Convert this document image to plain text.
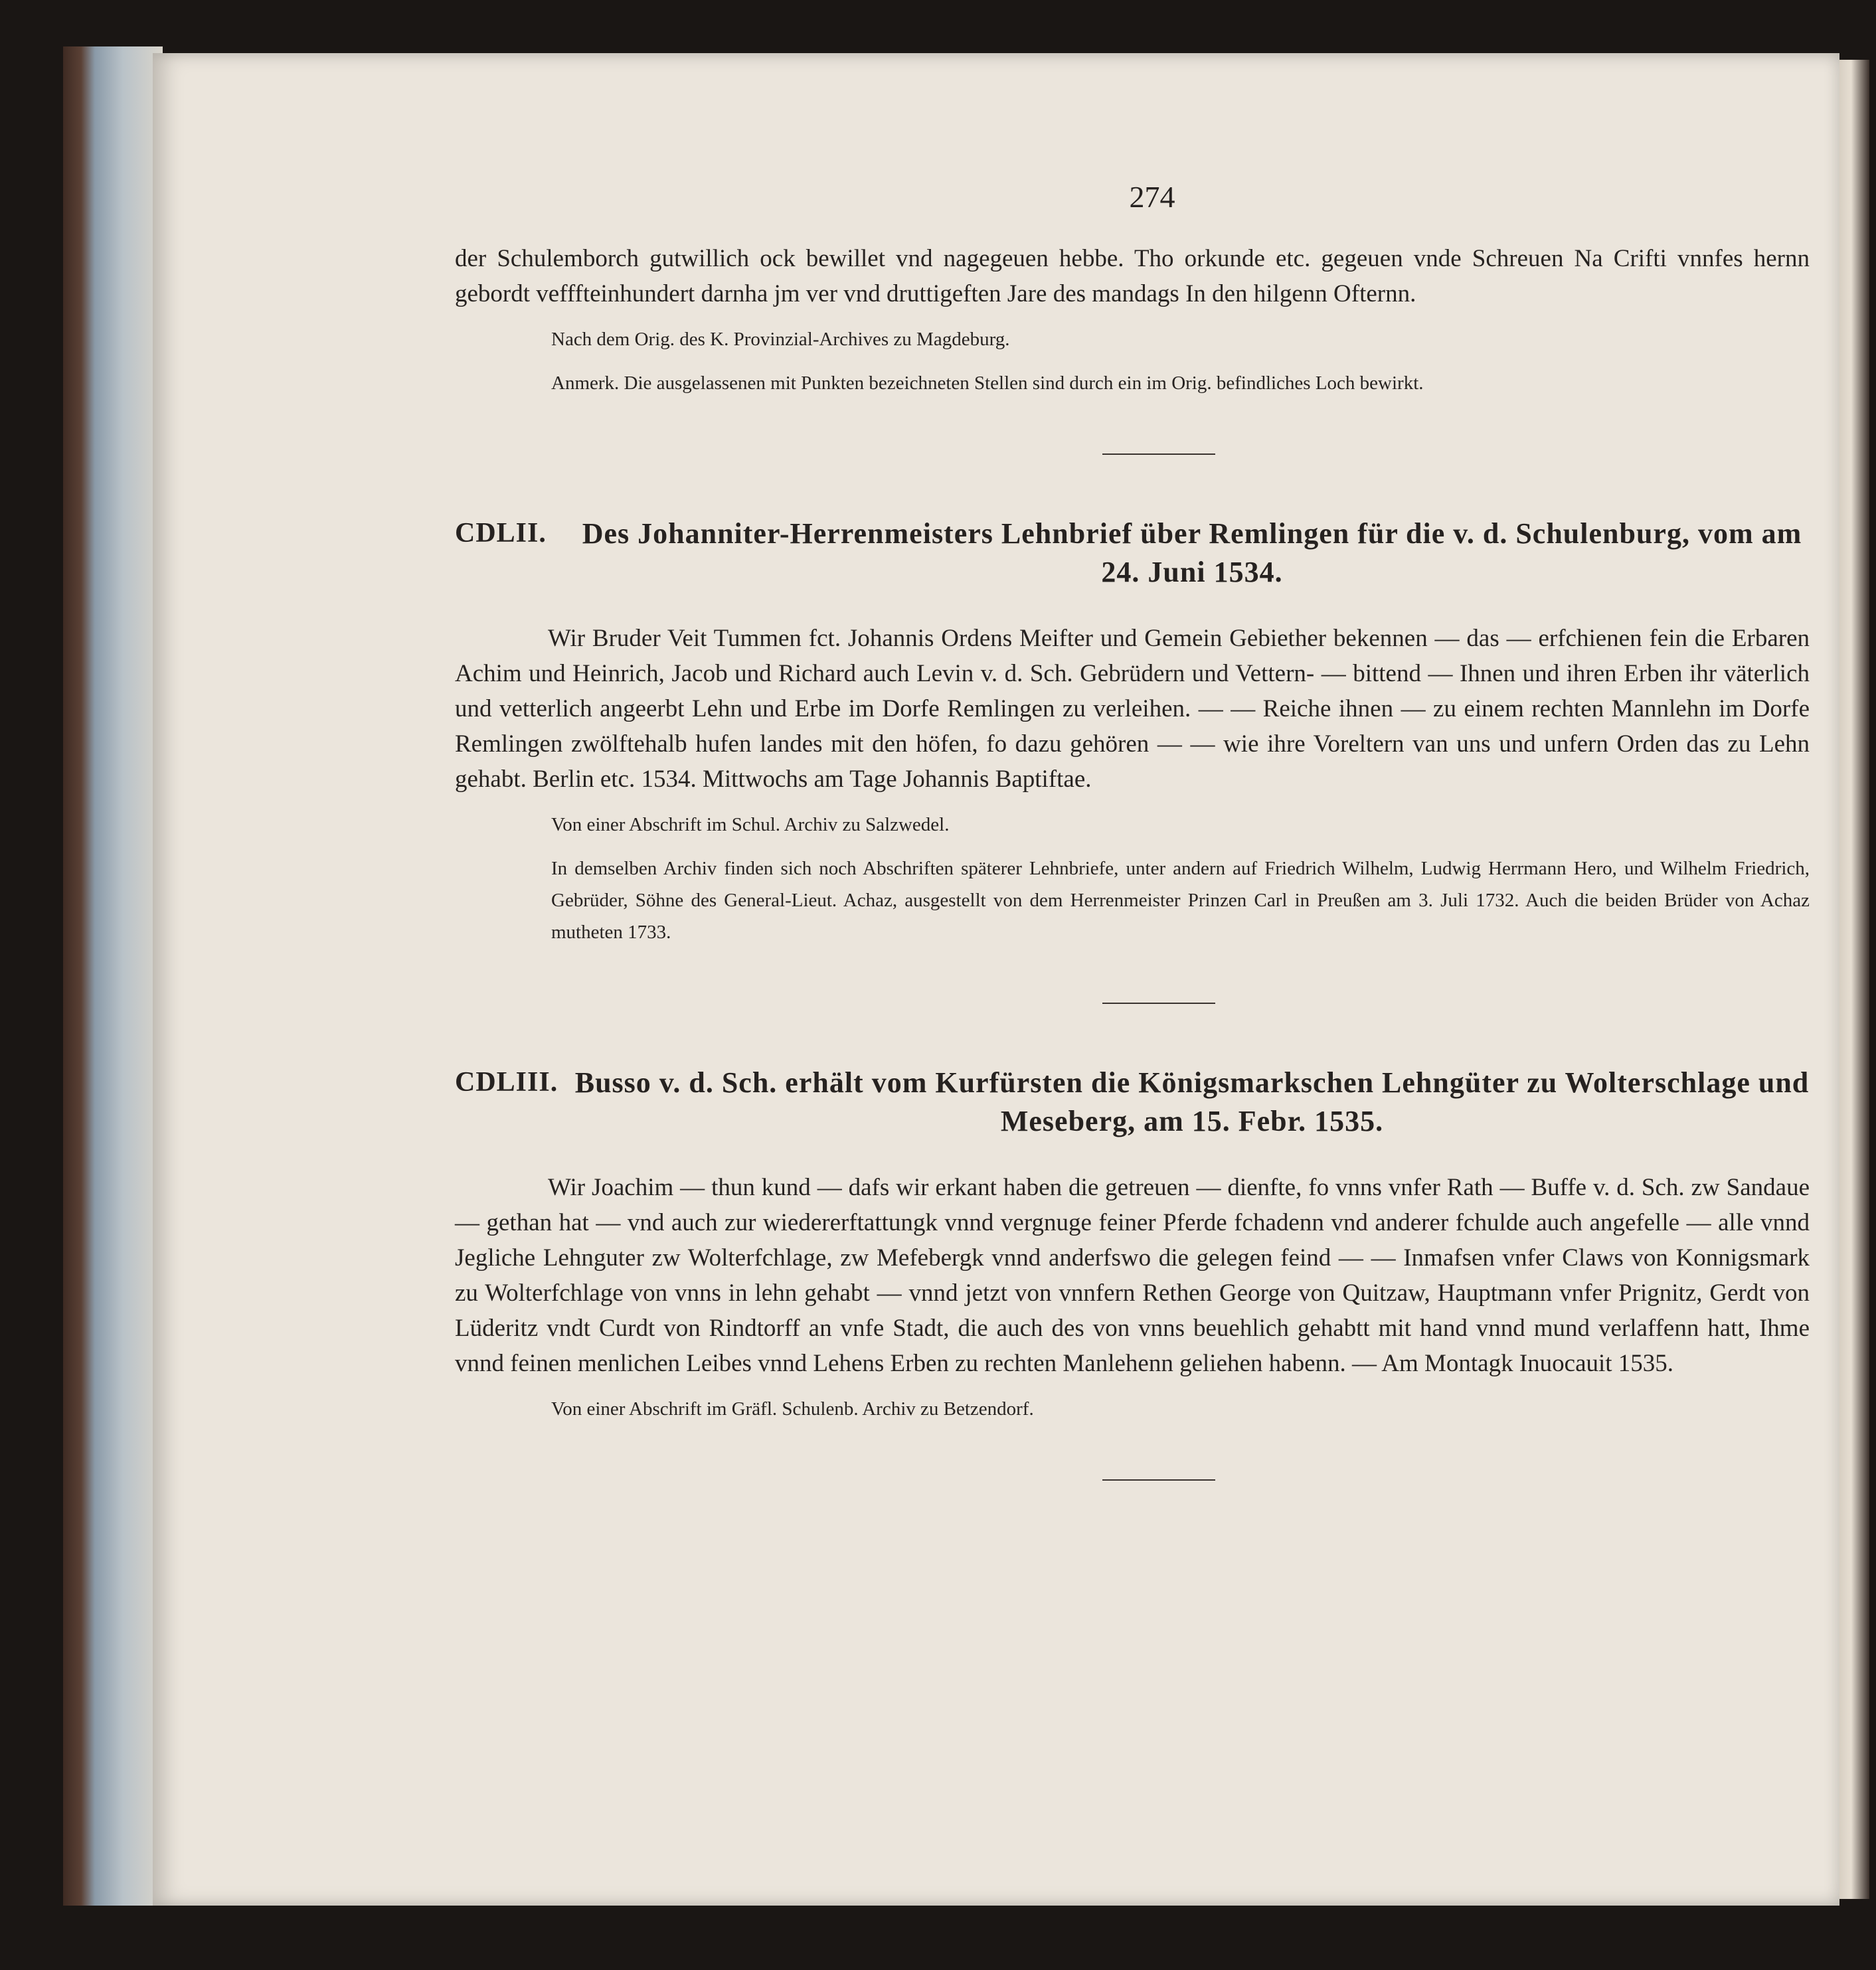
274

der Schulemborch gutwillich ock bewillet vnd nagegeuen hebbe. Tho orkunde etc. gegeuen vnde Schreuen Na Crifti vnnfes hernn gebordt vefffteinhundert darnha jm ver vnd druttigeften Jare des mandags In den hilgenn Ofternn.

Nach dem Orig. des K. Provinzial-Archives zu Magdeburg.

Anmerk. Die ausgelassenen mit Punkten bezeichneten Stellen sind durch ein im Orig. befindliches Loch bewirkt.

CDLII.	Des Johanniter-Herrenmeisters Lehnbrief über Remlingen für die v. d. Schulenburg, vom am 24. Juni 1534.

Wir Bruder Veit Tummen fct. Johannis Ordens Meifter und Gemein Gebiether bekennen — das — erfchienen fein die Erbaren Achim und Heinrich, Jacob und Richard auch Levin v. d. Sch. Gebrüdern und Vettern- — bittend — Ihnen und ihren Erben ihr väterlich und vetterlich angeerbt Lehn und Erbe im Dorfe Remlingen zu verleihen. — — Reiche ihnen — zu einem rechten Mannlehn im Dorfe Remlingen zwölftehalb hufen landes mit den höfen, fo dazu gehören — — wie ihre Voreltern van uns und unfern Orden das zu Lehn gehabt. Berlin etc. 1534. Mittwochs am Tage Johannis Baptiftae.

Von einer Abschrift im Schul. Archiv zu Salzwedel.

In demselben Archiv finden sich noch Abschriften späterer Lehnbriefe, unter andern auf Friedrich Wilhelm, Ludwig Herrmann Hero, und Wilhelm Friedrich, Gebrüder, Söhne des General-Lieut. Achaz, ausgestellt von dem Herrenmeister Prinzen Carl in Preußen am 3. Juli 1732. Auch die beiden Brüder von Achaz mutheten 1733.

CDLIII. Busso v. d. Sch. erhält vom Kurfürsten die Königsmarkschen Lehngüter zu Wolterschlage und Meseberg, am 15. Febr. 1535.

Wir Joachim — thun kund — dafs wir erkant haben die getreuen — dienfte, fo vnns vnfer Rath — Buffe v. d. Sch. zw Sandaue — gethan hat — vnd auch zur wiedererftattungk vnnd vergnuge feiner Pferde fchadenn vnd anderer fchulde auch angefelle — alle vnnd Jegliche Lehnguter zw Wolterfchlage, zw Mefebergk vnnd anderfswo die gelegen feind — — Inmafsen vnfer Claws von Konnigsmark zu Wolterfchlage von vnns in lehn gehabt — vnnd jetzt von vnnfern Rethen George von Quitzaw, Hauptmann vnfer Prignitz, Gerdt von Lüderitz vndt Curdt von Rindtorff an vnfe Stadt, die auch des von vnns beuehlich gehabtt mit hand vnnd mund verlaffenn hatt, Ihme vnnd feinen menlichen Leibes vnnd Lehens Erben zu rechten Manlehenn geliehen habenn. — Am Montagk Inuocauit 1535.

Von einer Abschrift im Gräfl. Schulenb. Archiv zu Betzendorf.
